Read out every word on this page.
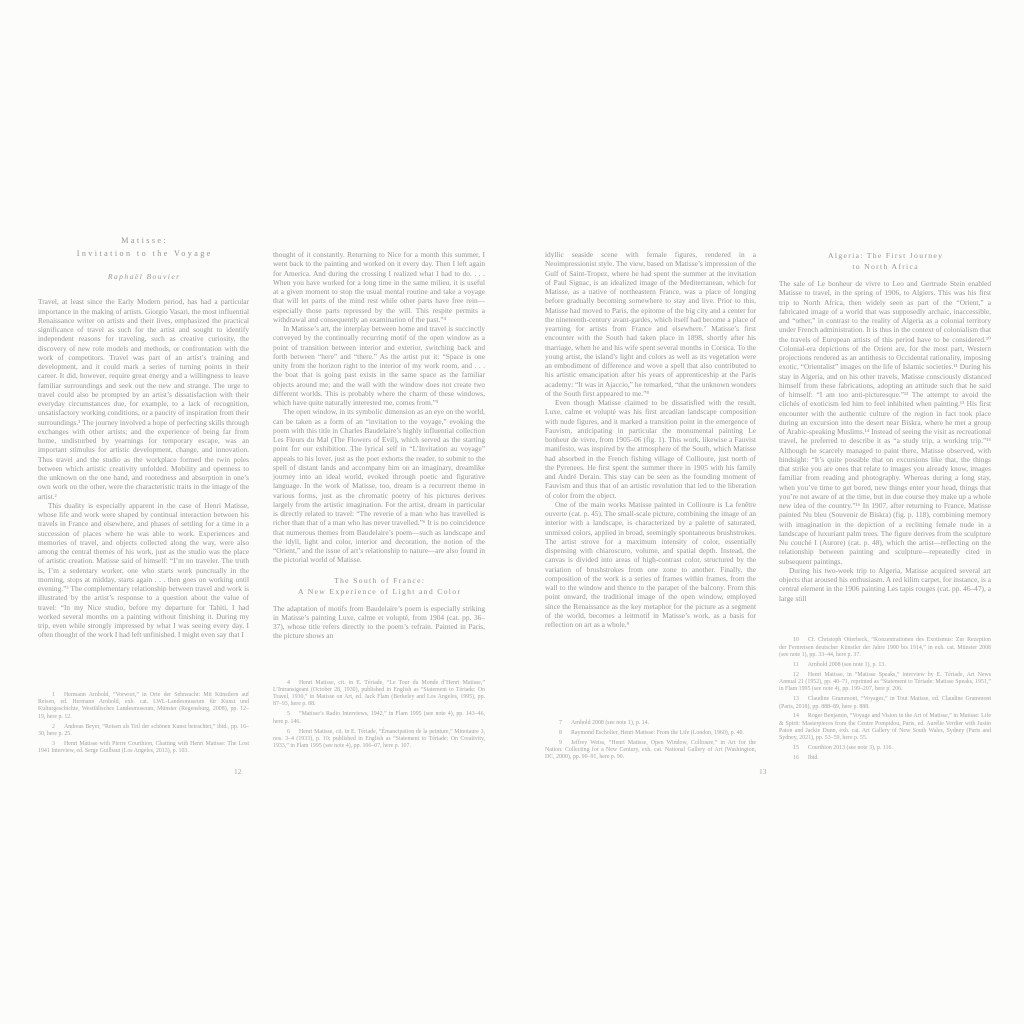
Matisse:
Invitation to the Voyage
Raphaël Bouvier

Travel, at least since the Early Modern period, has had a particular importance in the making of artists. Giorgio Vasari, the most influential Renaissance writer on artists and their lives, emphasized the practical significance of travel as such for the artist and sought to identify independent reasons for traveling, such as creative curiosity, the discovery of new role models and methods, or confrontation with the work of competitors. Travel was part of an artist’s training and development, and it could mark a series of turning points in their career. It did, however, require great energy and a willingness to leave familiar surroundings and seek out the new and strange. The urge to travel could also be prompted by an artist’s dissatisfaction with their everyday circumstances due, for example, to a lack of recognition, unsatisfactory working conditions, or a paucity of inspiration from their surroundings.¹ The journey involved a hope of perfecting skills through exchanges with other artists; and the experience of being far from home, undisturbed by yearnings for temporary escape, was an important stimulus for artistic development, change, and innovation. Thus travel and the studio as the workplace formed the twin poles between which artistic creativity unfolded. Mobility and openness to the unknown on the one hand, and rootedness and absorption in one’s own work on the other, were the characteristic traits in the image of the artist.²

This duality is especially apparent in the case of Henri Matisse, whose life and work were shaped by continual interaction between his travels in France and elsewhere, and phases of settling for a time in a succession of places where he was able to work. Experiences and memories of travel, and objects collected along the way, were also among the central themes of his work, just as the studio was the place of artistic creation. Matisse said of himself: “I’m no traveler. The truth is, I’m a sedentary worker, one who starts work punctually in the morning, stops at midday, starts again . . . then goes on working until evening.”³ The complementary relationship between travel and work is illustrated by the artist’s response to a question about the value of travel: “In my Nice studio, before my departure for Tahiti, I had worked several months on a painting without finishing it. During my trip, even while strongly impressed by what I was seeing every day, I often thought of the work I had left unfinished. I might even say that I

1 Hermann Arnhold, “Vorwort,” in Orte der Sehnsucht: Mit Künstlern auf Reisen, ed. Hermann Arnhold, exh. cat. LWL-Landesmuseum für Kunst und Kulturgeschichte, Westfälisches Landesmuseum, Münster (Regensburg, 2008), pp. 12–19, here p. 12.
2 Andreas Beyer, “Reisen als Teil der schönen Kunst betrachtet,” ibid., pp. 16–30, here p. 25.
3 Henri Matisse with Pierre Courthion, Chatting with Henri Matisse: The Lost 1941 Interview, ed. Serge Guilbaut (Los Angeles, 2013), p. 103.

thought of it constantly. Returning to Nice for a month this summer, I went back to the painting and worked on it every day. Then I left again for America. And during the crossing I realized what I had to do. . . . When you have worked for a long time in the same milieu, it is useful at a given moment to stop the usual mental routine and take a voyage that will let parts of the mind rest while other parts have free rein—especially those parts repressed by the will. This respite permits a withdrawal and consequently an examination of the past.”⁴

In Matisse’s art, the interplay between home and travel is succinctly conveyed by the continually recurring motif of the open window as a point of transition between interior and exterior, switching back and forth between “here” and “there.” As the artist put it: “Space is one unity from the horizon right to the interior of my work room, and . . . the boat that is going past exists in the same space as the familiar objects around me; and the wall with the window does not create two different worlds. This is probably where the charm of these windows, which have quite naturally interested me, comes from.”⁵

The open window, in its symbolic dimension as an eye on the world, can be taken as a form of an “invitation to the voyage,” evoking the poem with this title in Charles Baudelaire’s highly influential collection Les Fleurs du Mal (The Flowers of Evil), which served as the starting point for our exhibition. The lyrical self in “L’Invitation au voyage” appeals to his lover, just as the poet exhorts the reader, to submit to the spell of distant lands and accompany him on an imaginary, dreamlike journey into an ideal world, evoked through poetic and figurative language. In the work of Matisse, too, dream is a recurrent theme in various forms, just as the chromatic poetry of his pictures derives largely from the artistic imagination. For the artist, dream in particular is directly related to travel: “The reverie of a man who has travelled is richer than that of a man who has never travelled.”⁶ It is no coincidence that numerous themes from Baudelaire’s poem—such as landscape and the idyll, light and color, interior and decoration, the notion of the “Orient,” and the issue of art’s relationship to nature—are also found in the pictorial world of Matisse.

The South of France:
A New Experience of Light and Color

The adaptation of motifs from Baudelaire’s poem is especially striking in Matisse’s painting Luxe, calme et volupté, from 1904 (cat. pp. 36–37), whose title refers directly to the poem’s refrain. Painted in Paris, the picture shows an

4 Henri Matisse, cit. in E. Tériade, “Le Tour du Monde d’Henri Matisse,” L’Intransigeant (October 28, 1930), published in English as “Statement to Tériade: On Travel, 1930,” in Matisse on Art, ed. Jack Flam (Berkeley and Los Angeles, 1995), pp. 87–93, here p. 88.
5 “Matisse’s Radio Interviews, 1942,” in Flam 1995 (see note 4), pp. 143–46, here p. 146.
6 Henri Matisse, cit. in E. Tériade, “Émancipation de la peinture,” Minotaure 3, nos. 3–4 (1933), p. 10; published in English as “Statement to Tériade: On Creativity, 1933,” in Flam 1995 (see note 4), pp. 106–07, here p. 107.
12

idyllic seaside scene with female figures, rendered in a Neoimpressionist style. The view, based on Matisse’s impression of the Gulf of Saint-Tropez, where he had spent the summer at the invitation of Paul Signac, is an idealized image of the Mediterranean, which for Matisse, as a native of northeastern France, was a place of longing before gradually becoming somewhere to stay and live. Prior to this, Matisse had moved to Paris, the epitome of the big city and a center for the nineteenth-century avant-gardes, which itself had become a place of yearning for artists from France and elsewhere.⁷ Matisse’s first encounter with the South had taken place in 1898, shortly after his marriage, when he and his wife spent several months in Corsica. To the young artist, the island’s light and colors as well as its vegetation were an embodiment of difference and wove a spell that also contributed to his artistic emancipation after his years of apprenticeship at the Paris academy: “It was in Ajaccio,” he remarked, “that the unknown wonders of the South first appeared to me.”⁸

Even though Matisse claimed to be dissatisfied with the result, Luxe, calme et volupté was his first arcadian landscape composition with nude figures, and it marked a transition point in the emergence of Fauvism, anticipating in particular the monumental painting Le bonheur de vivre, from 1905–06 (fig. 1). This work, likewise a Fauvist manifesto, was inspired by the atmosphere of the South, which Matisse had absorbed in the French fishing village of Collioure, just north of the Pyrenees. He first spent the summer there in 1905 with his family and André Derain. This stay can be seen as the founding moment of Fauvism and thus that of an artistic revolution that led to the liberation of color from the object.

One of the main works Matisse painted in Collioure is La fenêtre ouverte (cat. p. 45). The small-scale picture, combining the image of an interior with a landscape, is characterized by a palette of saturated, unmixed colors, applied in broad, seemingly spontaneous brushstrokes. The artist strove for a maximum intensity of color, essentially dispensing with chiaroscuro, volume, and spatial depth. Instead, the canvas is divided into areas of high-contrast color, structured by the variation of brushstrokes from one zone to another. Finally, the composition of the work is a series of frames within frames, from the wall to the window and thence to the parapet of the balcony. From this point onward, the traditional image of the open window, employed since the Renaissance as the key metaphor for the picture as a segment of the world, becomes a leitmotif in Matisse’s work, as a basis for reflection on art as a whole.⁹

7 Arnhold 2008 (see note 1), p. 14.
8 Raymond Escholier, Henri Matisse: From the Life (London, 1960), p. 40.
9 Jeffrey Weiss, “Henri Matisse, Open Window, Collioure,” in Art for the Nation: Collecting for a New Century, exh. cat. National Gallery of Art (Washington, DC, 2000), pp. 90–91, here p. 90.
Algeria: The First Journey
to North Africa

The sale of Le bonheur de vivre to Leo and Gertrude Stein enabled Matisse to travel, in the spring of 1906, to Algiers. This was his first trip to North Africa, then widely seen as part of the “Orient,” a fabricated image of a world that was supposedly archaic, inaccessible, and “other,” in contrast to the reality of Algeria as a colonial territory under French administration. It is thus in the context of colonialism that the travels of European artists of this period have to be considered.¹⁰ Colonial-era depictions of the Orient are, for the most part, Western projections rendered as an antithesis to Occidental rationality, imposing exotic, “Orientalist” images on the life of Islamic societies.¹¹ During his stay in Algeria, and on his other travels, Matisse consciously distanced himself from these fabrications, adopting an attitude such that he said of himself: “I am too anti-picturesque.”¹² The attempt to avoid the clichés of exoticism led him to feel inhibited when painting.¹³ His first encounter with the authentic culture of the region in fact took place during an excursion into the desert near Biskra, where he met a group of Arabic-speaking Muslims.¹⁴ Instead of seeing the visit as recreational travel, he preferred to describe it as “a study trip, a working trip.”¹⁵ Although he scarcely managed to paint there, Matisse observed, with hindsight: “It’s quite possible that on excursions like that, the things that strike you are ones that relate to images you already know, images familiar from reading and photography. Whereas during a long stay, when you’ve time to get bored, new things enter your head, things that you’re not aware of at the time, but in due course they make up a whole new idea of the country.”¹⁶ In 1907, after returning to France, Matisse painted Nu bleu (Souvenir de Biskra) (fig. p. 118), combining memory with imagination in the depiction of a reclining female nude in a landscape of luxuriant palm trees. The figure derives from the sculpture Nu couché I (Aurore) (cat. p. 48), which the artist—reflecting on the relationship between painting and sculpture—repeatedly cited in subsequent paintings.

During his two-week trip to Algeria, Matisse acquired several art objects that aroused his enthusiasm. A red kilim carpet, for instance, is a central element in the 1906 painting Les tapis rouges (cat. pp. 46–47), a large still

10 Cf. Christoph Otterbeck, “Konzentrationen des Exotismus: Zur Rezeption der Fernreisen deutscher Künstler der Jahre 1900 bis 1914,” in exh. cat. Münster 2008 (see note 1), pp. 33–44, here p. 37.
11 Arnhold 2008 (see note 1), p. 13.
12 Henri Matisse, in “Matisse Speaks,” interview by E. Tériade, Art News Annual 21 (1952), pp. 40–71, reprinted as “Statement to Tériade: Matisse Speaks, 1951,” in Flam 1995 (see note 4), pp. 199–207, here p. 206.
13 Claudine Grammont, “Voyages,” in Tout Matisse, ed. Claudine Grammont (Paris, 2018), pp. 888–89, here p. 888.
14 Roger Benjamin, “Voyage and Vision in the Art of Matisse,” in Matisse: Life & Spirit: Masterpieces from the Centre Pompidou, Paris, ed. Aurélie Verdier with Justin Paton and Jackie Dunn, exh. cat. Art Gallery of New South Wales, Sydney (Paris and Sydney, 2021), pp. 53–59, here p. 55.
15 Courthion 2013 (see note 3), p. 116.
16 Ibid.
13
